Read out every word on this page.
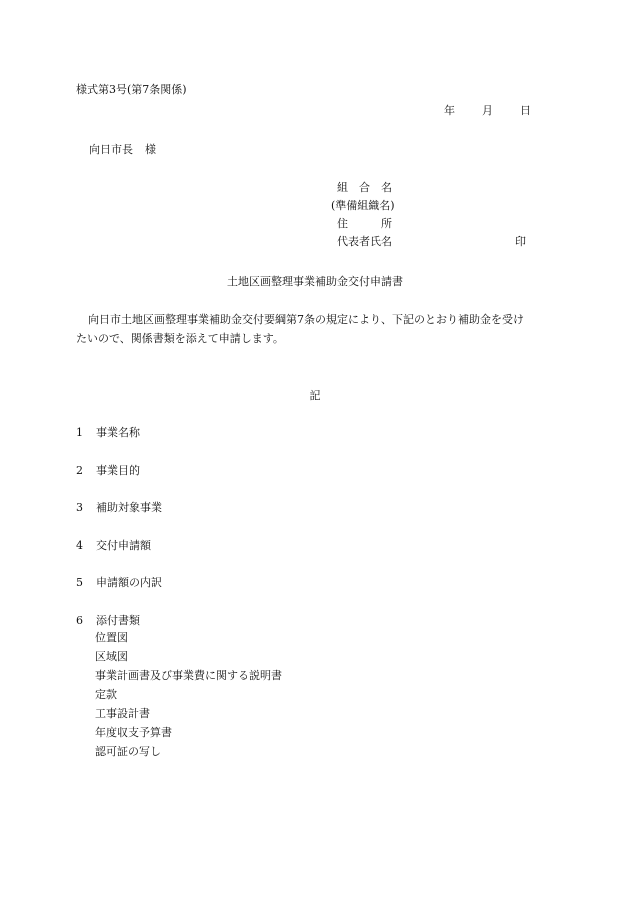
様式第3号(第7条関係)
年 月 日
向日市長 様
組　合　名
(準備組織名)
住　　　所
代表者氏名	印
土地区画整理事業補助金交付申請書

向日市土地区画整理事業補助金交付要綱第7条の規定により、下記のとおり補助金を受け

たいので、関係書類を添えて申請します。

記
1 事業名称
2 事業目的
3 補助対象事業
4 交付申請額
5 申請額の内訳
6 添付書類
位置図
区域図
事業計画書及び事業費に関する説明書
定款
工事設計書
年度収支予算書
認可証の写し
